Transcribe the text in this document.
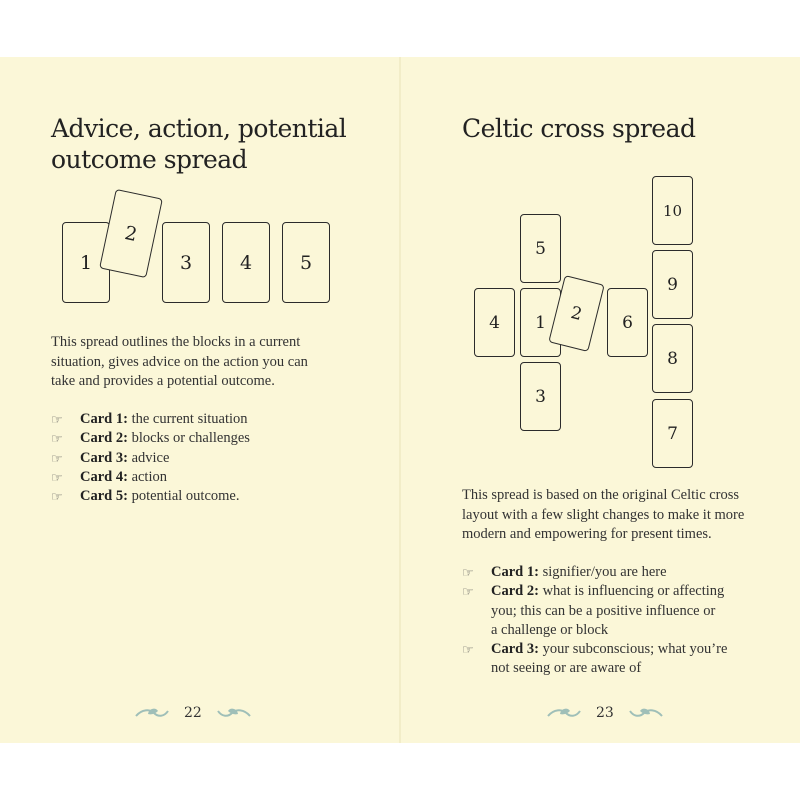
Advice, action, potential
outcome spread
1
2
3	4	5

This spread outlines the blocks in a current
situation, gives advice on the action you can
take and provides a potential outcome.

☞ Card 1: the current situation
☞ Card 2: blocks or challenges
☞ Card 3: advice
☞ Card 4: action
☞ Card 5: potential outcome.
22
Celtic cross spread
5
4	1	2	6
3
10
9
8
7

This spread is based on the original Celtic cross
layout with a few slight changes to make it more
modern and empowering for present times.

☞ Card 1: signifier/you are here
☞ Card 2: what is influencing or affecting
you; this can be a positive influence or
a challenge or block
☞ Card 3: your subconscious; what you’re
not seeing or are aware of
23
